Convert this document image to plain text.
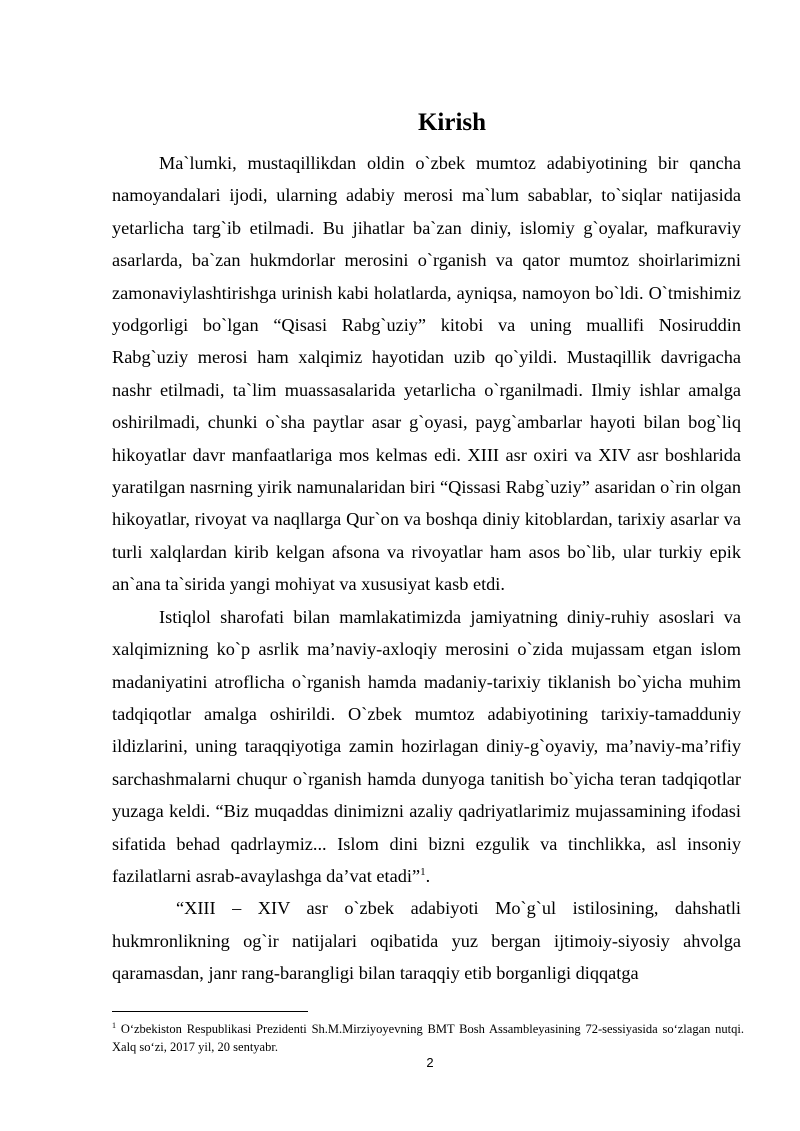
Kirish

Ma`lumki, mustaqillikdan oldin o`zbek mumtoz adabiyotining bir qancha namoyandalari ijodi, ularning adabiy merosi ma`lum sabablar, to`siqlar natijasida yetarlicha targ`ib etilmadi. Bu jihatlar ba`zan diniy, islomiy g`oyalar, mafkuraviy asarlarda, ba`zan hukmdorlar merosini o`rganish va qator mumtoz shoirlarimizni zamonaviylashtirishga urinish kabi holatlarda, ayniqsa, namoyon bo`ldi. O`tmishimiz yodgorligi bo`lgan “Qisasi Rabg`uziy” kitobi va uning muallifi Nosiruddin Rabg`uziy merosi ham xalqimiz hayotidan uzib qo`yildi. Mustaqillik davrigacha nashr etilmadi, ta`lim muassasalarida yetarlicha o`rganilmadi. Ilmiy ishlar amalga oshirilmadi, chunki o`sha paytlar asar g`oyasi, payg`ambarlar hayoti bilan bog`liq hikoyatlar davr manfaatlariga mos kelmas edi. XIII asr oxiri va XIV asr boshlarida yaratilgan nasrning yirik namunalaridan biri “Qissasi Rabg`uziy” asaridan o`rin olgan hikoyatlar, rivoyat va naqllarga Qur`on va boshqa diniy kitoblardan, tarixiy asarlar va turli xalqlardan kirib kelgan afsona va rivoyatlar ham asos bo`lib, ular turkiy epik an`ana ta`sirida yangi mohiyat va xususiyat kasb etdi.

Istiqlol sharofati bilan mamlakatimizda jamiyatning diniy-ruhiy asoslari va xalqimizning ko`p asrlik ma’naviy-axloqiy merosini o`zida mujassam etgan islom madaniyatini atroflicha o`rganish hamda madaniy-tarixiy tiklanish bo`yicha muhim tadqiqotlar amalga oshirildi. O`zbek mumtoz adabiyotining tarixiy-tamadduniy ildizlarini, uning taraqqiyotiga zamin hozirlagan diniy-g`oyaviy, ma’naviy-ma’rifiy sarchashmalarni chuqur o`rganish hamda dunyoga tanitish bo`yicha teran tadqiqotlar yuzaga keldi. “Biz muqaddas dinimizni azaliy qadriyatlarimiz mujassamining ifodasi sifatida behad qadrlaymiz... Islom dini bizni ezgulik va tinchlikka, asl insoniy fazilatlarni asrab-avaylashga da’vat etadi”$^1$.

“XIII – XIV asr o`zbek adabiyoti Mo`g`ul istilosining, dahshatli hukmronlikning og`ir natijalari oqibatida yuz bergan ijtimoiy-siyosiy ahvolga qaramasdan, janr rang-barangligi bilan taraqqiy etib borganligi diqqatga

$^1$ O‘zbekiston Respublikasi Prezidenti Sh.M.Mirziyoyevning BMT Bosh Assambleyasining 72-sessiyasida so‘zlagan nutqi. Xalq so‘zi, 2017 yil, 20 sentyabr.
2
